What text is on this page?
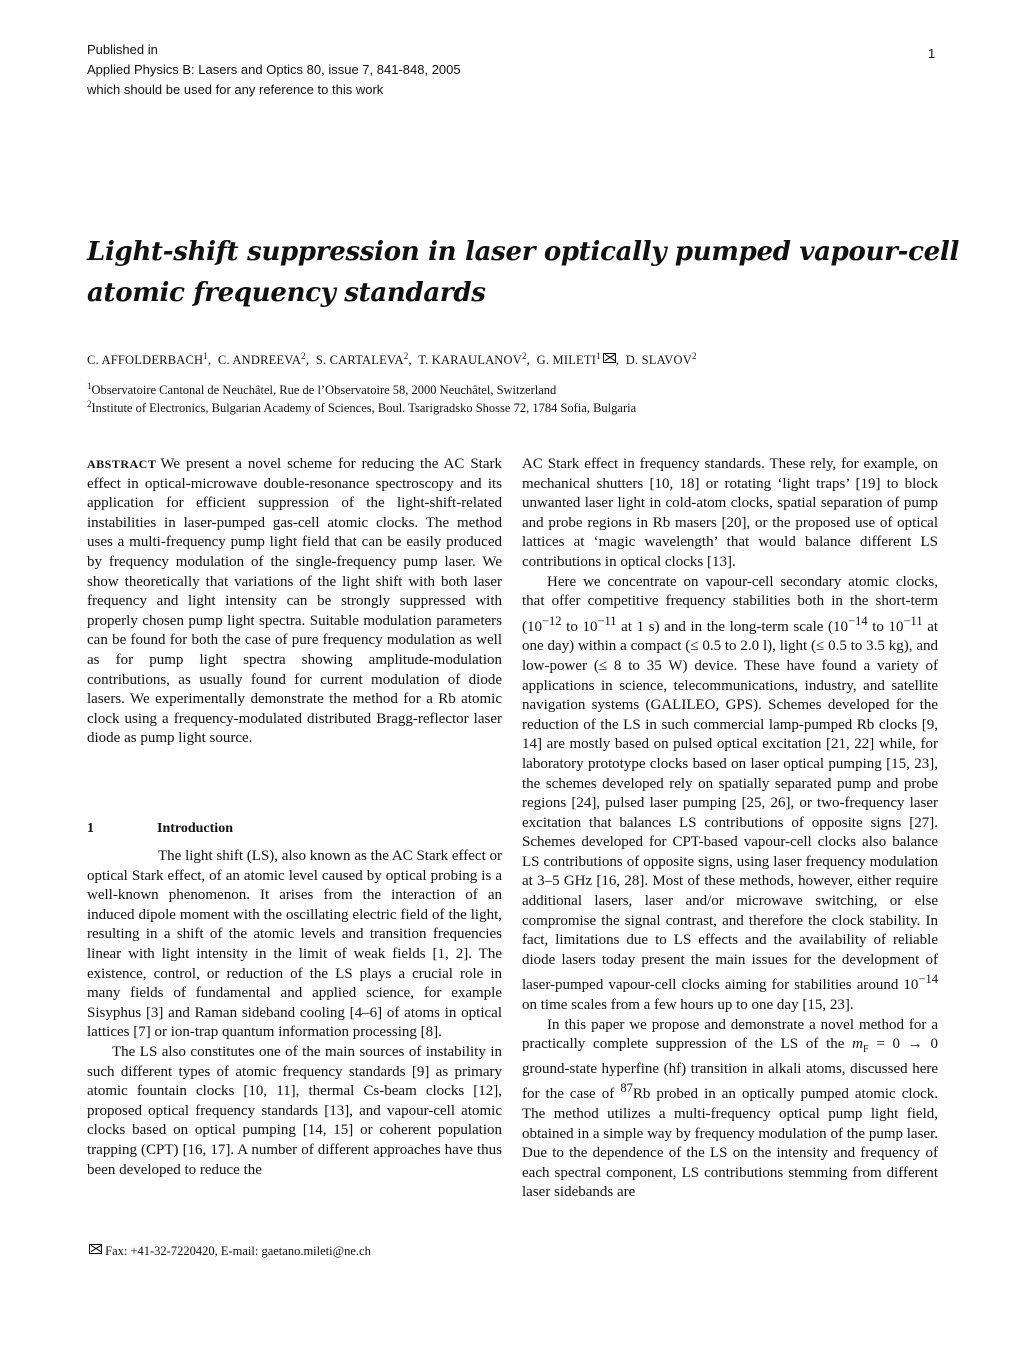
Published in
Applied Physics B: Lasers and Optics 80, issue 7, 841-848, 2005
which should be used for any reference to this work
1
Light-shift suppression in laser optically pumped vapour-cell
atomic frequency standards
C. AFFOLDERBACH$^1$,  C. ANDREEVA$^2$,  S. CARTALEVA$^2$,  T. KARAULANOV$^2$,  G. MILETI$^1$ ,  D. SLAVOV$^2$
$^1$Observatoire Cantonal de Neuchâtel, Rue de l’Observatoire 58, 2000 Neuchâtel, Switzerland
$^2$Institute of Electronics, Bulgarian Academy of Sciences, Boul. Tsarigradsko Shosse 72, 1784 Sofia, Bulgaria

ABSTRACT We present a novel scheme for reducing the AC Stark effect in optical-microwave double-resonance spectroscopy and its application for efficient suppression of the light-shift-related instabilities in laser-pumped gas-cell atomic clocks. The method uses a multi-frequency pump light field that can be easily produced by frequency modulation of the single-frequency pump laser. We show theoretically that variations of the light shift with both laser frequency and light intensity can be strongly suppressed with properly chosen pump light spectra. Suitable modulation parameters can be found for both the case of pure frequency modulation as well as for pump light spectra showing amplitude-modulation contributions, as usually found for current modulation of diode lasers. We experimentally demonstrate the method for a Rb atomic clock using a frequency-modulated distributed Bragg-reflector laser diode as pump light source.

1	Introduction

The light shift (LS), also known as the AC Stark effect or optical Stark effect, of an atomic level caused by optical probing is a well-known phenomenon. It arises from the interaction of an induced dipole moment with the oscillating electric field of the light, resulting in a shift of the atomic levels and transition frequencies linear with light intensity in the limit of weak fields [1, 2]. The existence, control, or reduction of the LS plays a crucial role in many fields of fundamental and applied science, for example Sisyphus [3] and Raman sideband cooling [4–6] of atoms in optical lattices [7] or ion-trap quantum information processing [8].

The LS also constitutes one of the main sources of instability in such different types of atomic frequency standards [9] as primary atomic fountain clocks [10, 11], thermal Cs-beam clocks [12], proposed optical frequency standards [13], and vapour-cell atomic clocks based on optical pumping [14, 15] or coherent population trapping (CPT) [16, 17]. A number of different approaches have thus been developed to reduce the

Fax: +41-32-7220420, E-mail: gaetano.mileti@ne.ch

AC Stark effect in frequency standards. These rely, for example, on mechanical shutters [10, 18] or rotating ‘light traps’ [19] to block unwanted laser light in cold-atom clocks, spatial separation of pump and probe regions in Rb masers [20], or the proposed use of optical lattices at ‘magic wavelength’ that would balance different LS contributions in optical clocks [13].

Here we concentrate on vapour-cell secondary atomic clocks, that offer competitive frequency stabilities both in the short-term ($10^{-12}$ to $10^{-11}$ at 1 s) and in the long-term scale ($10^{-14}$ to $10^{-11}$ at one day) within a compact (≤ 0.5 to 2.0 l), light (≤ 0.5 to 3.5 kg), and low-power (≤ 8 to 35 W) device. These have found a variety of applications in science, telecommunications, industry, and satellite navigation systems (GALILEO, GPS). Schemes developed for the reduction of the LS in such commercial lamp-pumped Rb clocks [9, 14] are mostly based on pulsed optical excitation [21, 22] while, for laboratory prototype clocks based on laser optical pumping [15, 23], the schemes developed rely on spatially separated pump and probe regions [24], pulsed laser pumping [25, 26], or two-frequency laser excitation that balances LS contributions of opposite signs [27]. Schemes developed for CPT-based vapour-cell clocks also balance LS contributions of opposite signs, using laser frequency modulation at 3–5 GHz [16, 28]. Most of these methods, however, either require additional lasers, laser and/or microwave switching, or else compromise the signal contrast, and therefore the clock stability. In fact, limitations due to LS effects and the availability of reliable diode lasers today present the main issues for the development of laser-pumped vapour-cell clocks aiming for stabilities around $10^{-14}$ on time scales from a few hours up to one day [15, 23].

In this paper we propose and demonstrate a novel method for a practically complete suppression of the LS of the $m_F = 0 \to 0$ ground-state hyperfine (hf) transition in alkali atoms, discussed here for the case of $^{87}$Rb probed in an optically pumped atomic clock. The method utilizes a multi-frequency optical pump light field, obtained in a simple way by frequency modulation of the pump laser. Due to the dependence of the LS on the intensity and frequency of each spectral component, LS contributions stemming from different laser sidebands are
